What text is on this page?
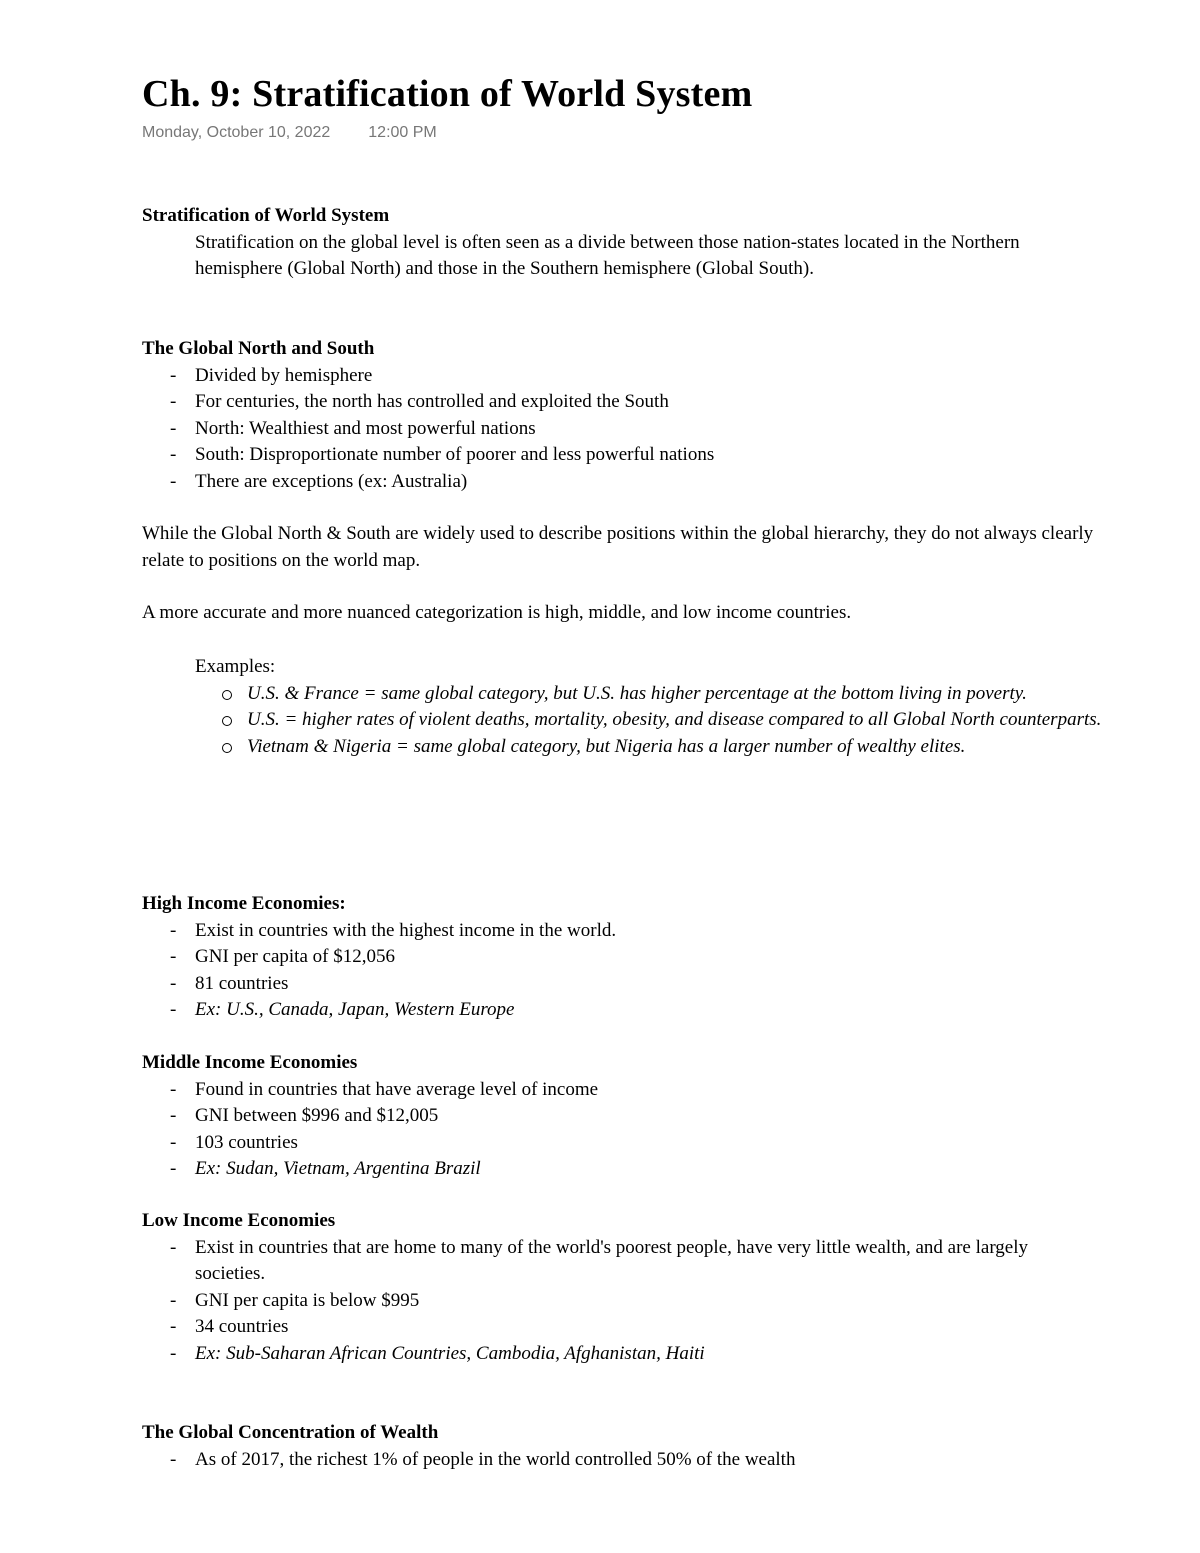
Ch. 9: Stratification of World System
Monday, October 10, 2022 12:00 PM

Stratification of World System

Stratification on the global level is often seen as a divide between those nation-states located in the Northern hemisphere (Global North) and those in the Southern hemisphere (Global South).

The Global North and South

- Divided by hemisphere
- For centuries, the north has controlled and exploited the South
- North: Wealthiest and most powerful nations
- South: Disproportionate number of poorer and less powerful nations
- There are exceptions (ex: Australia)

While the Global North & South are widely used to describe positions within the global hierarchy, they do not always clearly relate to positions on the world map.

A more accurate and more nuanced categorization is high, middle, and low income countries.

Examples:

U.S. & France = same global category, but U.S. has higher percentage at the bottom living in poverty.
U.S. = higher rates of violent deaths, mortality, obesity, and disease compared to all Global North counterparts.
Vietnam & Nigeria = same global category, but Nigeria has a larger number of wealthy elites.

High Income Economies:

- Exist in countries with the highest income in the world.
- GNI per capita of $12,056
- 81 countries
- Ex: U.S., Canada, Japan, Western Europe

Middle Income Economies

- Found in countries that have average level of income
- GNI between $996 and $12,005
- 103 countries
- Ex: Sudan, Vietnam, Argentina Brazil

Low Income Economies

- Exist in countries that are home to many of the world's poorest people, have very little wealth, and are largely societies.
- GNI per capita is below $995
- 34 countries
- Ex: Sub-Saharan African Countries, Cambodia, Afghanistan, Haiti

The Global Concentration of Wealth

- As of 2017, the richest 1% of people in the world controlled 50% of the wealth
